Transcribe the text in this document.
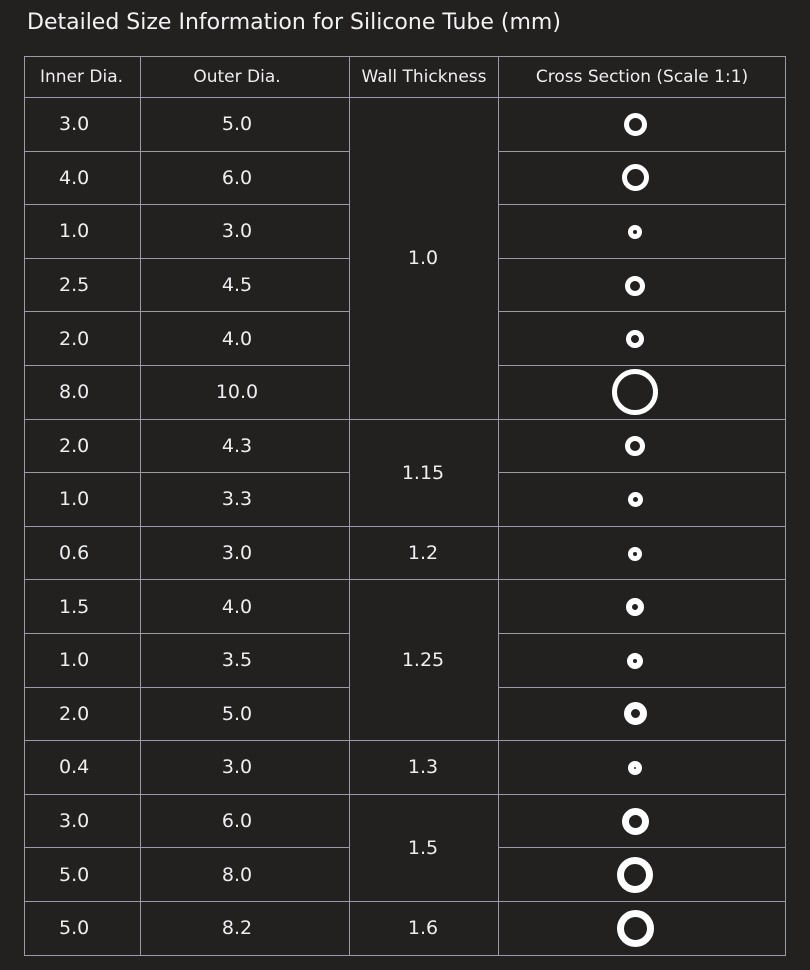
Detailed Size Information for Silicone Tube (mm)
Inner Dia.	Outer Dia.	Wall Thickness	Cross Section (Scale 1:1)
3.0	5.0	1.0	
4.0	6.0		
1.0	3.0		
2.5	4.5		
2.0	4.0		
8.0	10.0		
2.0	4.3	1.15	
1.0	3.3		
0.6	3.0	1.2	
1.5	4.0	1.25	
1.0	3.5		
2.0	5.0		
0.4	3.0	1.3	
3.0	6.0	1.5	
5.0	8.0		
5.0	8.2	1.6	
